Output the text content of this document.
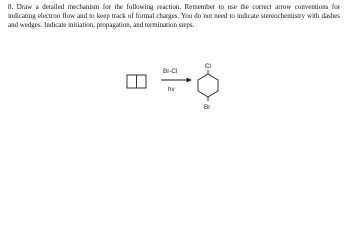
8. Draw a detailed mechanism for the following reaction. Remember to use the correct arrow conventions for indicating electron flow and to keep track of formal charges. You do not need to indicate stereochemistry with dashes and wedges. Indicate initiation, propagation, and termination steps.

Br-Cl
hv
Cl
Br
